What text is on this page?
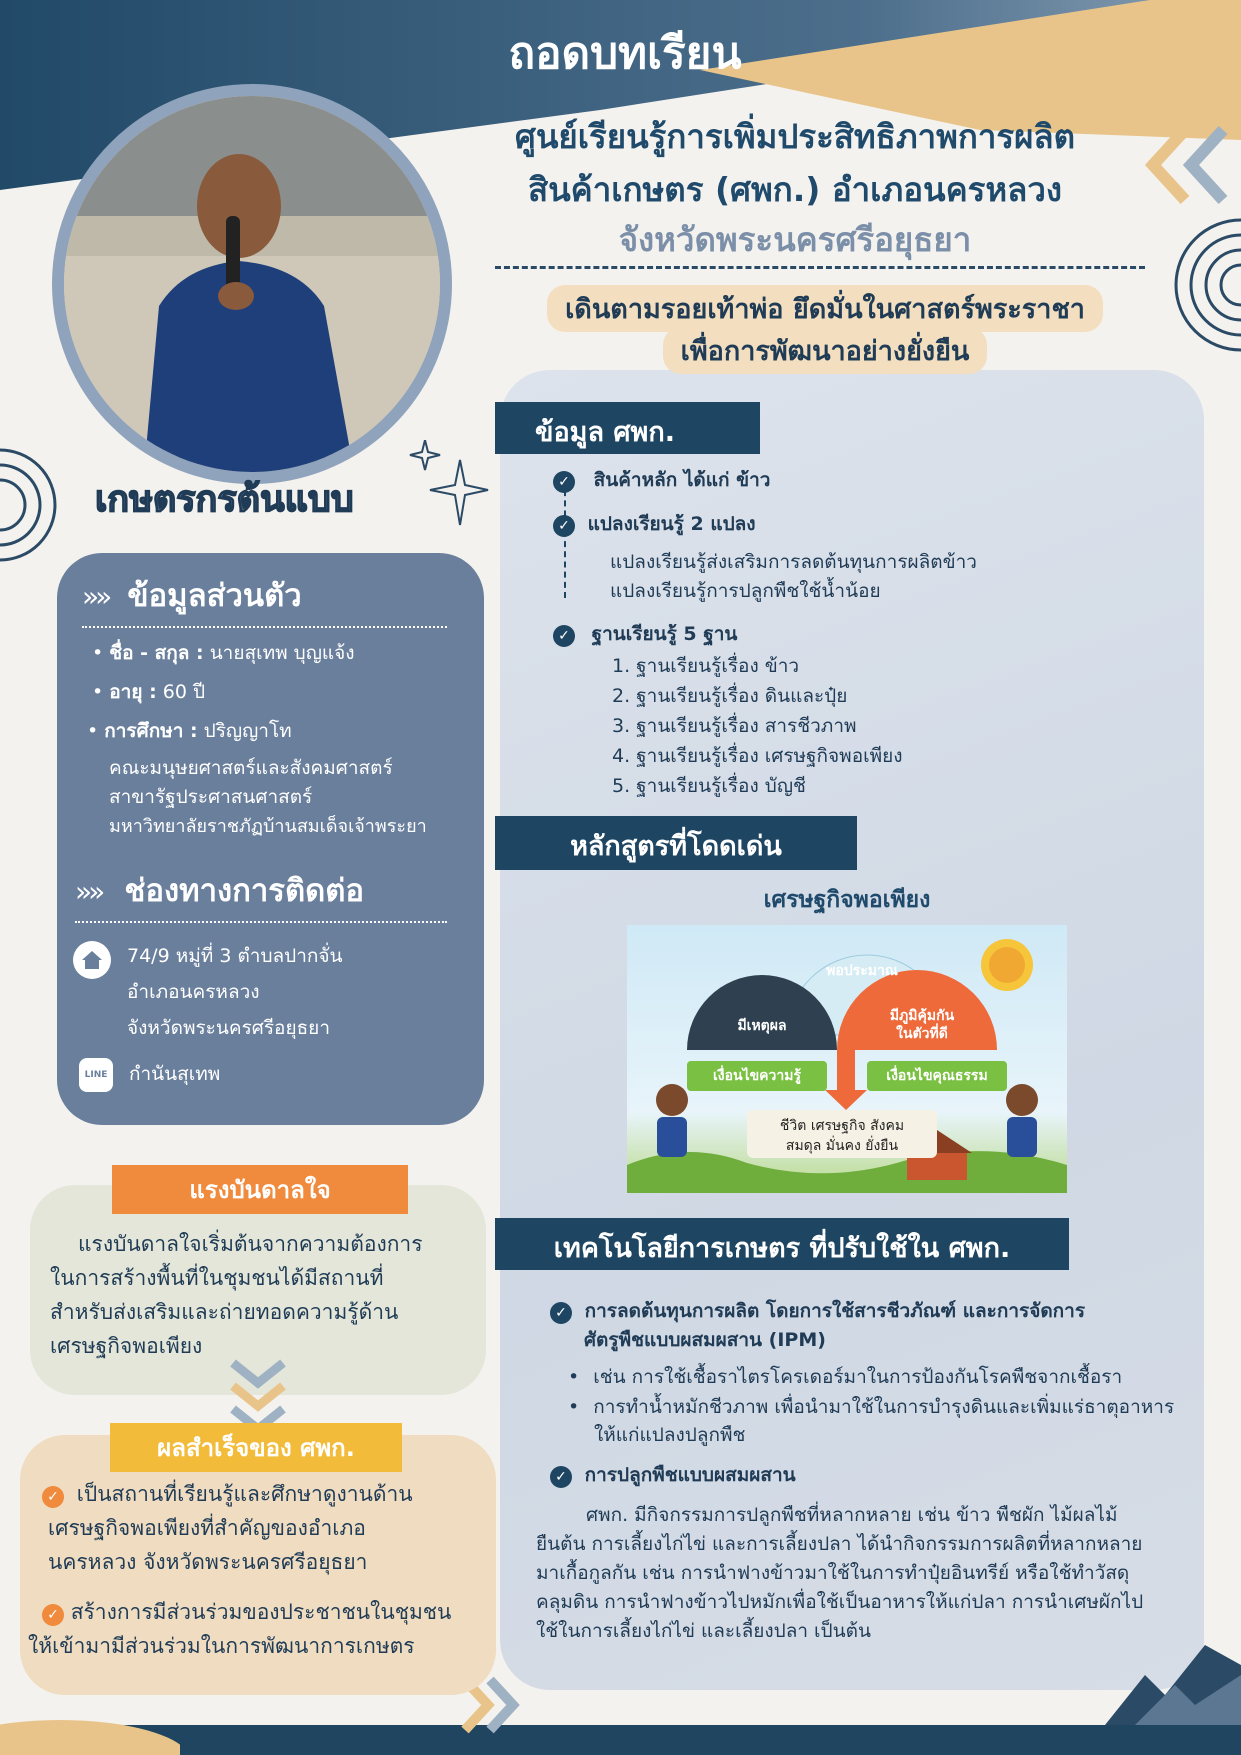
ถอดบทเรียน
ศูนย์เรียนรู้การเพิ่มประสิทธิภาพการผลิต
สินค้าเกษตร (ศพก.) อำเภอนครหลวง
จังหวัดพระนครศรีอยุธยา
เดินตามรอยเท้าพ่อ ยึดมั่นในศาสตร์พระราชา
เพื่อการพัฒนาอย่างยั่งยืน
เกษตรกรต้นแบบ
»» ข้อมูลส่วนตัว
• ชื่อ - สกุล : นายสุเทพ บุญแจ้ง
• อายุ : 60 ปี
• การศึกษา : ปริญญาโท
คณะมนุษยศาสตร์และสังคมศาสตร์
สาขารัฐประศาสนศาสตร์
มหาวิทยาลัยราชภัฏบ้านสมเด็จเจ้าพระยา
»» ช่องทางการติดต่อ
74/9 หมู่ที่ 3 ตำบลปากจั่น
อำเภอนครหลวง
จังหวัดพระนครศรีอยุธยา
LINE กำนันสุเทพ
แรงบันดาลใจเริ่มต้นจากความต้องการ
ในการสร้างพื้นที่ในชุมชนได้มีสถานที่
สำหรับส่งเสริมและถ่ายทอดความรู้ด้าน
เศรษฐกิจพอเพียง
แรงบันดาลใจ
✓ เป็นสถานที่เรียนรู้และศึกษาดูงานด้าน
เศรษฐกิจพอเพียงที่สำคัญของอำเภอ
นครหลวง จังหวัดพระนครศรีอยุธยา
✓ สร้างการมีส่วนร่วมของประชาชนในชุมชน
ให้เข้ามามีส่วนร่วมในการพัฒนาการเกษตร
ผลสำเร็จของ ศพก.
ข้อมูล ศพก.
✓ สินค้าหลัก ได้แก่ ข้าว
✓ แปลงเรียนรู้ 2 แปลง
แปลงเรียนรู้ส่งเสริมการลดต้นทุนการผลิตข้าว
แปลงเรียนรู้การปลูกพืชใช้น้ำน้อย
✓ ฐานเรียนรู้ 5 ฐาน
1. ฐานเรียนรู้เรื่อง ข้าว
2. ฐานเรียนรู้เรื่อง ดินและปุ๋ย
3. ฐานเรียนรู้เรื่อง สารชีวภาพ
4. ฐานเรียนรู้เรื่อง เศรษฐกิจพอเพียง
5. ฐานเรียนรู้เรื่อง บัญชี
หลักสูตรที่โดดเด่น
เศรษฐกิจพอเพียง
พอประมาณ
มีเหตุผล
มีภูมิคุ้มกัน
ในตัวที่ดี
เงื่อนไขความรู้	เงื่อนไขคุณธรรม
ชีวิต เศรษฐกิจ สังคม
สมดุล มั่นคง ยั่งยืน
เทคโนโลยีการเกษตร ที่ปรับใช้ใน ศพก.
✓ การลดต้นทุนการผลิต โดยการใช้สารชีวภัณฑ์ และการจัดการ
ศัตรูพืชแบบผสมผสาน (IPM)
• เช่น การใช้เชื้อราไตรโครเดอร์มาในการป้องกันโรคพืชจากเชื้อรา
• การทำน้ำหมักชีวภาพ เพื่อนำมาใช้ในการบำรุงดินและเพิ่มแร่ธาตุอาหาร
ให้แก่แปลงปลูกพืช
✓ การปลูกพืชแบบผสมผสาน
ศพก. มีกิจกรรมการปลูกพืชที่หลากหลาย เช่น ข้าว พืชผัก ไม้ผลไม้
ยืนต้น การเลี้ยงไก่ไข่ และการเลี้ยงปลา ได้นำกิจกรรมการผลิตที่หลากหลาย
มาเกื้อกูลกัน เช่น การนำฟางข้าวมาใช้ในการทำปุ๋ยอินทรีย์ หรือใช้ทำวัสดุ
คลุมดิน การนำฟางข้าวไปหมักเพื่อใช้เป็นอาหารให้แก่ปลา การนำเศษผักไป
ใช้ในการเลี้ยงไก่ไข่ และเลี้ยงปลา เป็นต้น
